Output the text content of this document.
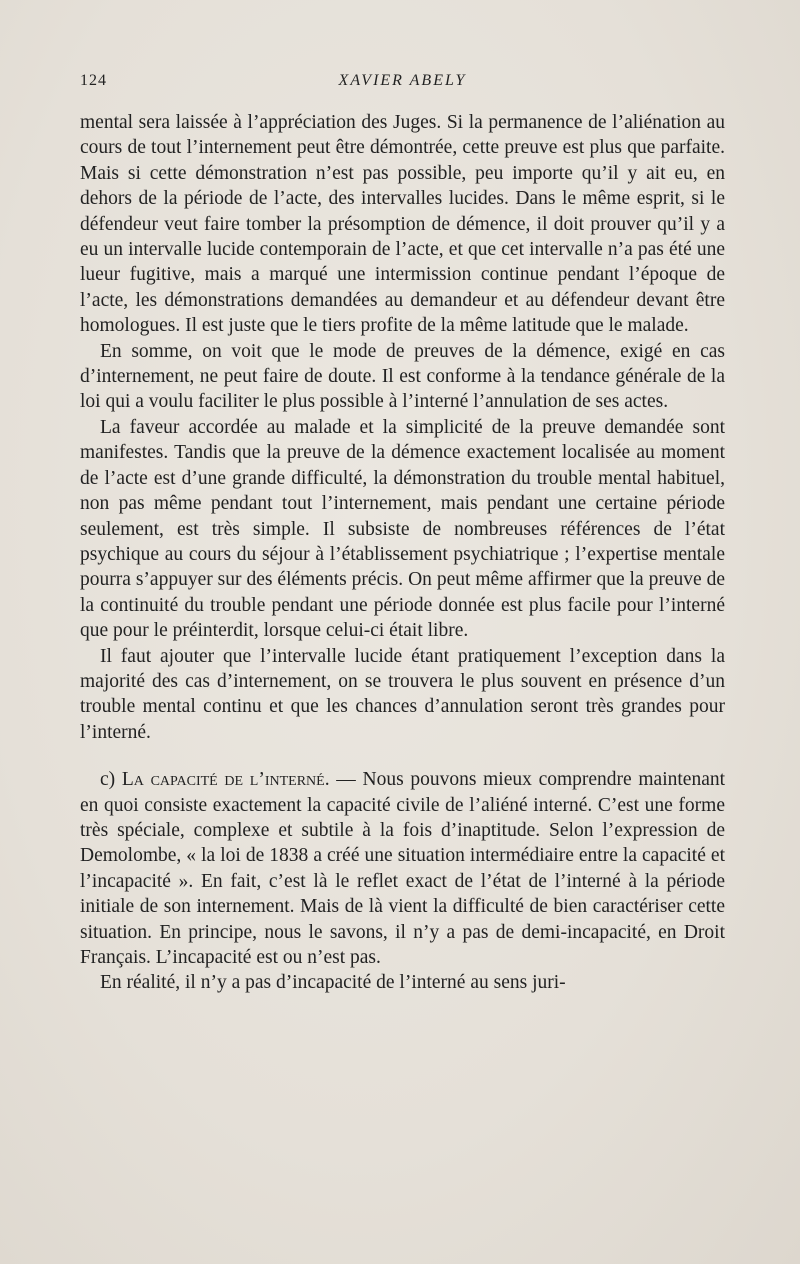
124	XAVIER ABELY

mental sera laissée à l’appréciation des Juges. Si la permanence de l’aliénation au cours de tout l’internement peut être démontrée, cette preuve est plus que parfaite. Mais si cette démonstration n’est pas possible, peu importe qu’il y ait eu, en dehors de la période de l’acte, des intervalles lucides. Dans le même esprit, si le défendeur veut faire tomber la présomption de démence, il doit prouver qu’il y a eu un intervalle lucide contemporain de l’acte, et que cet intervalle n’a pas été une lueur fugitive, mais a marqué une intermission continue pendant l’époque de l’acte, les démonstrations demandées au demandeur et au défendeur devant être homologues. Il est juste que le tiers profite de la même latitude que le malade.

En somme, on voit que le mode de preuves de la démence, exigé en cas d’internement, ne peut faire de doute. Il est conforme à la tendance générale de la loi qui a voulu faciliter le plus possible à l’interné l’annulation de ses actes.

La faveur accordée au malade et la simplicité de la preuve demandée sont manifestes. Tandis que la preuve de la démence exactement localisée au moment de l’acte est d’une grande difficulté, la démonstration du trouble mental habituel, non pas même pendant tout l’internement, mais pendant une certaine période seulement, est très simple. Il subsiste de nombreuses références de l’état psychique au cours du séjour à l’établissement psychiatrique ; l’expertise mentale pourra s’appuyer sur des éléments précis. On peut même affirmer que la preuve de la continuité du trouble pendant une période donnée est plus facile pour l’interné que pour le préinterdit, lorsque celui-ci était libre.

Il faut ajouter que l’intervalle lucide étant pratiquement l’exception dans la majorité des cas d’internement, on se trouvera le plus souvent en présence d’un trouble mental continu et que les chances d’annulation seront très grandes pour l’interné.

c) La capacité de l’interné. — Nous pouvons mieux comprendre maintenant en quoi consiste exactement la capacité civile de l’aliéné interné. C’est une forme très spéciale, complexe et subtile à la fois d’inaptitude. Selon l’expression de Demolombe, « la loi de 1838 a créé une situation intermédiaire entre la capacité et l’incapacité ». En fait, c’est là le reflet exact de l’état de l’interné à la période initiale de son internement. Mais de là vient la difficulté de bien caractériser cette situation. En principe, nous le savons, il n’y a pas de demi-incapacité, en Droit Français. L’incapacité est ou n’est pas.

En réalité, il n’y a pas d’incapacité de l’interné au sens juri-
